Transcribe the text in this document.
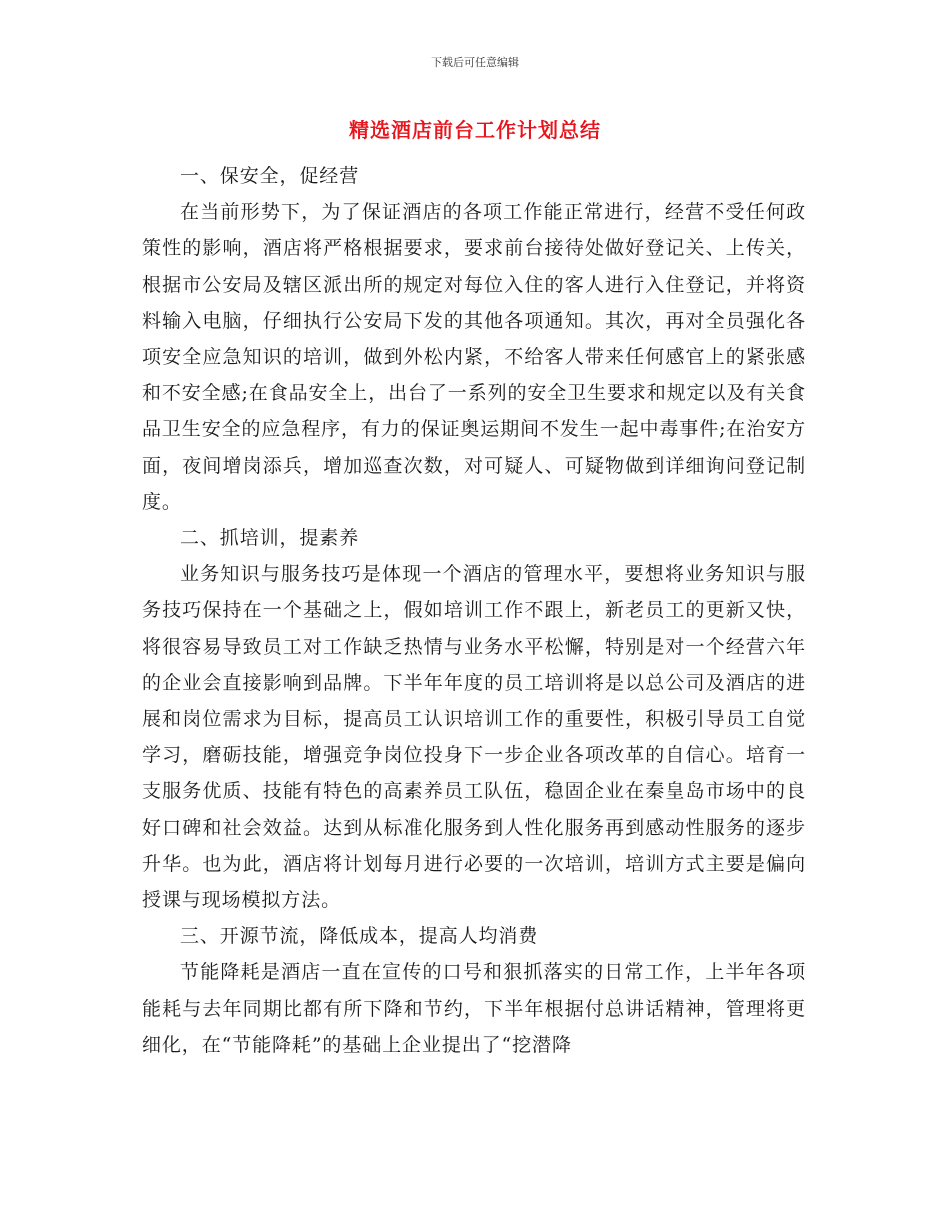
下载后可任意编辑
精选酒店前台工作计划总结

一、保安全，促经营

在当前形势下，为了保证酒店的各项工作能正常进行，经营不受任何政策性的影响，酒店将严格根据要求，要求前台接待处做好登记关、上传关，根据市公安局及辖区派出所的规定对每位入住的客人进行入住登记，并将资料输入电脑，仔细执行公安局下发的其他各项通知。其次，再对全员强化各项安全应急知识的培训，做到外松内紧，不给客人带来任何感官上的紧张感和不安全感;在食品安全上，出台了一系列的安全卫生要求和规定以及有关食品卫生安全的应急程序，有力的保证奥运期间不发生一起中毒事件;在治安方面，夜间增岗添兵，增加巡查次数，对可疑人、可疑物做到详细询问登记制度。

二、抓培训，提素养

业务知识与服务技巧是体现一个酒店的管理水平，要想将业务知识与服务技巧保持在一个基础之上，假如培训工作不跟上，新老员工的更新又快，将很容易导致员工对工作缺乏热情与业务水平松懈，特别是对一个经营六年的企业会直接影响到品牌。下半年年度的员工培训将是以总公司及酒店的进展和岗位需求为目标，提高员工认识培训工作的重要性，积极引导员工自觉学习，磨砺技能，增强竞争岗位投身下一步企业各项改革的自信心。培育一支服务优质、技能有特色的高素养员工队伍，稳固企业在秦皇岛市场中的良好口碑和社会效益。达到从标准化服务到人性化服务再到感动性服务的逐步升华。也为此，酒店将计划每月进行必要的一次培训，培训方式主要是偏向授课与现场模拟方法。

三、开源节流，降低成本，提高人均消费

节能降耗是酒店一直在宣传的口号和狠抓落实的日常工作，上半年各项能耗与去年同期比都有所下降和节约，下半年根据付总讲话精神，管理将更细化，在“节能降耗”的基础上企业提出了“挖潜降
